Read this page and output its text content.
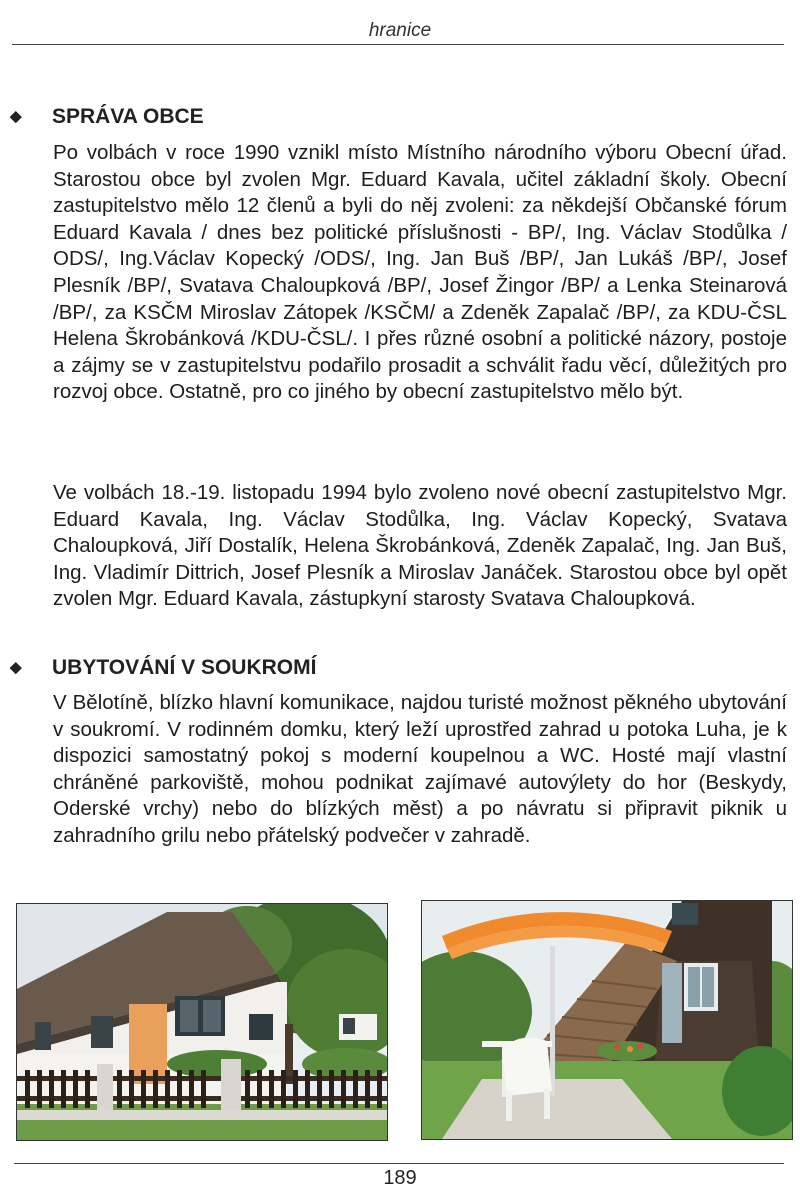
hranice
◆ SPRÁVA OBCE
Po volbách v roce 1990 vznikl místo Místního národního výboru Obecní úřad. Starostou obce byl zvolen Mgr. Eduard Kavala, učitel základní školy. Obecní zastupitelstvo mělo 12 členů a byli do něj zvoleni: za někdejší Občanské fórum Eduard Kavala / dnes bez politické příslušnosti - BP/, Ing. Václav Stodůlka / ODS/, Ing.Václav Kopecký /ODS/, Ing. Jan Buš /BP/, Jan Lukáš /BP/, Josef Plesník /BP/, Svatava Chaloupková /BP/, Josef Žingor /BP/ a Lenka Steinarová /BP/, za KSČM Miroslav Zátopek /KSČM/ a Zdeněk Zapalač /BP/, za KDU-ČSL Helena Škrobánková /KDU-ČSL/. I přes různé osobní a politické názory, postoje a zájmy se v zastupitelstvu podařilo prosadit a schválit řadu věcí, důležitých pro rozvoj obce. Ostatně, pro co jiného by obecní zastupitelstvo mělo být.
Ve volbách 18.-19. listopadu 1994 bylo zvoleno nové obecní zastupitelstvo Mgr. Eduard Kavala, Ing. Václav Stodůlka, Ing. Václav Kopecký, Svatava Chaloupková, Jiří Dostalík, Helena Škrobánková, Zdeněk Zapalač, Ing. Jan Buš, Ing. Vladimír Dittrich, Josef Plesník a Miroslav Janáček. Starostou obce byl opět zvolen Mgr. Eduard Kavala, zástupkyní starosty Svatava Chaloupková.
◆ UBYTOVÁNÍ V SOUKROMÍ
V Bělotíně, blízko hlavní komunikace, najdou turisté možnost pěkného ubytování v soukromí. V rodinném domku, který leží uprostřed zahrad u potoka Luha, je k dispozici samostatný pokoj s moderní koupelnou a WC. Hosté mají vlastní chráněné parkoviště, mohou podnikat zajímavé autovýlety do hor (Beskydy, Oderské vrchy) nebo do blízkých měst) a po návratu si připravit piknik u zahradního grilu nebo přátelský podvečer v zahradě.
189
